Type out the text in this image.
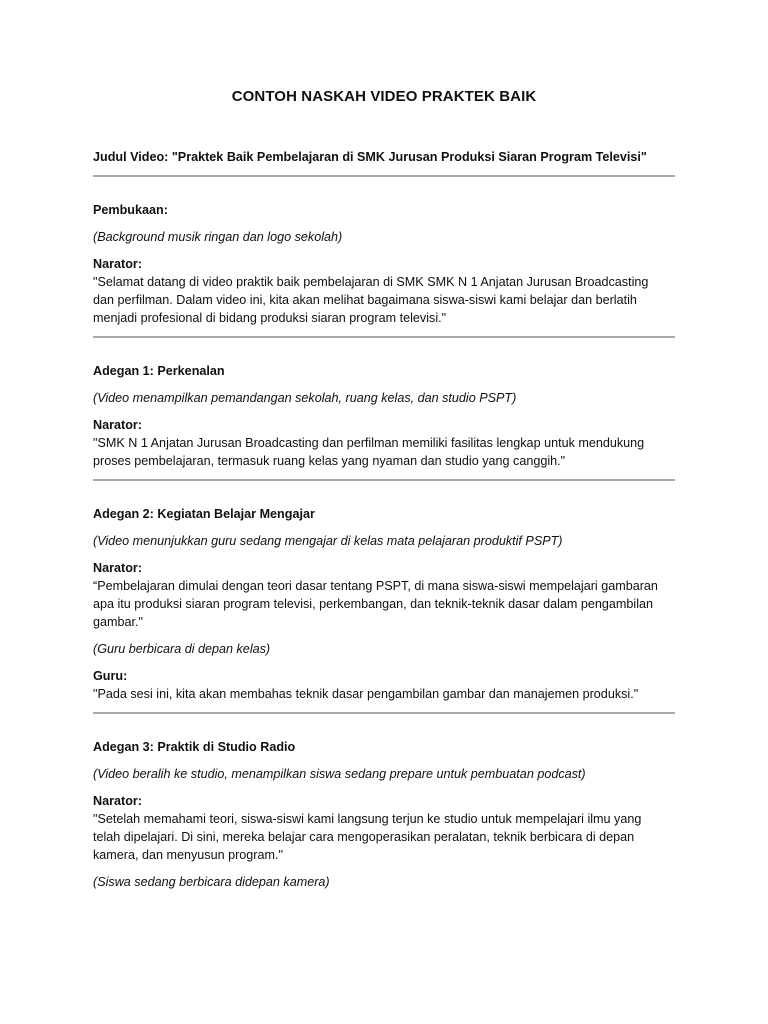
CONTOH NASKAH VIDEO PRAKTEK BAIK

Judul Video: "Praktek Baik Pembelajaran di SMK Jurusan Produksi Siaran Program Televisi"

Pembukaan:

(Background musik ringan dan logo sekolah)

Narator:

"Selamat datang di video praktik baik pembelajaran di SMK SMK N 1 Anjatan Jurusan Broadcasting

dan perfilman. Dalam video ini, kita akan melihat bagaimana siswa-siswi kami belajar dan berlatih

menjadi profesional di bidang produksi siaran program televisi."

Adegan 1: Perkenalan

(Video menampilkan pemandangan sekolah, ruang kelas, dan studio PSPT)

Narator:

"SMK N 1 Anjatan Jurusan Broadcasting dan perfilman memiliki fasilitas lengkap untuk mendukung

proses pembelajaran, termasuk ruang kelas yang nyaman dan studio yang canggih."

Adegan 2: Kegiatan Belajar Mengajar

(Video menunjukkan guru sedang mengajar di kelas mata pelajaran produktif PSPT)

Narator:

“Pembelajaran dimulai dengan teori dasar tentang PSPT, di mana siswa-siswi mempelajari gambaran

apa itu produksi siaran program televisi, perkembangan, dan teknik-teknik dasar dalam pengambilan

gambar."

(Guru berbicara di depan kelas)

Guru:

"Pada sesi ini, kita akan membahas teknik dasar pengambilan gambar dan manajemen produksi."

Adegan 3: Praktik di Studio Radio

(Video beralih ke studio, menampilkan siswa sedang prepare untuk pembuatan podcast)

Narator:

"Setelah memahami teori, siswa-siswi kami langsung terjun ke studio untuk mempelajari ilmu yang

telah dipelajari. Di sini, mereka belajar cara mengoperasikan peralatan, teknik berbicara di depan

kamera, dan menyusun program."

(Siswa sedang berbicara didepan kamera)
